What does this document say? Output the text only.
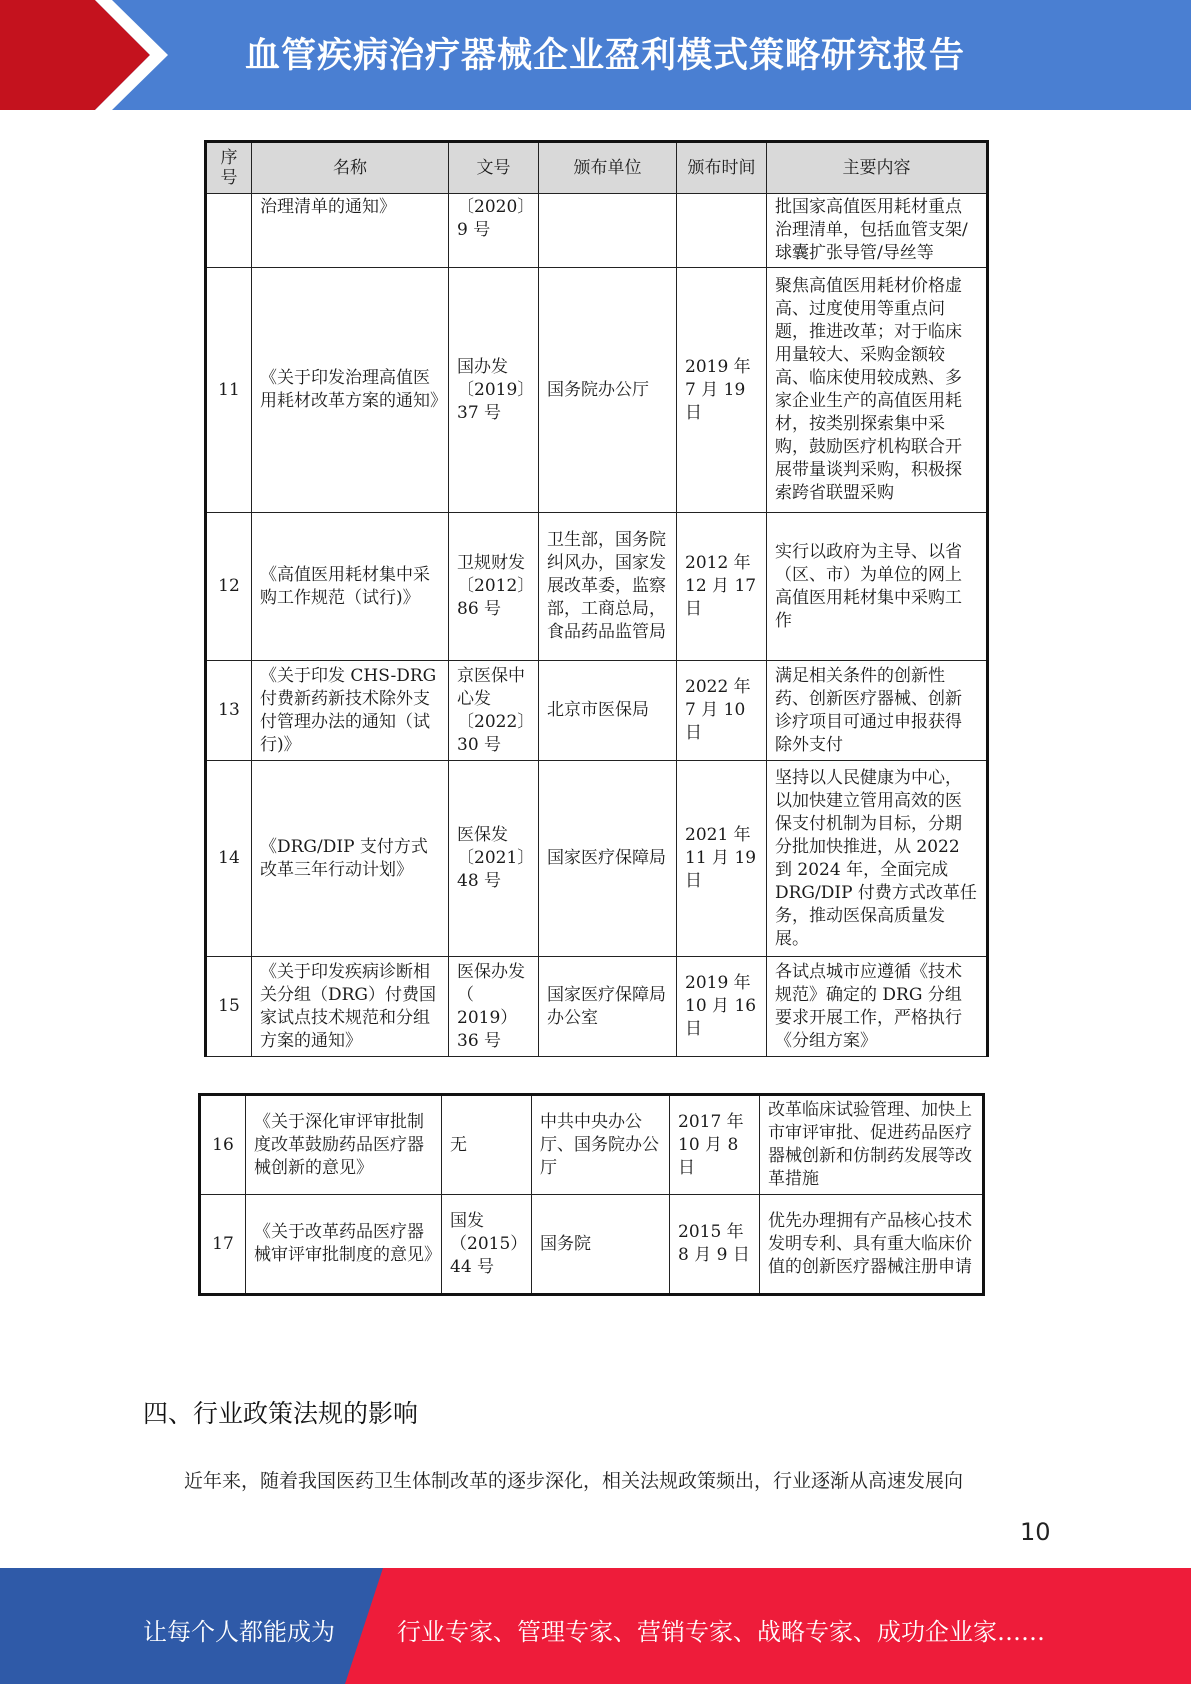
血管疾病治疗器械企业盈利模式策略研究报告
序号	名称	文号	颁布单位	颁布时间	主要内容
	治理清单的通知》	〔2020〕9 号			批国家高值医用耗材重点治理清单，包括血管支架/球囊扩张导管/导丝等
11	《关于印发治理高值医用耗材改革方案的通知》	国办发〔2019〕37 号	国务院办公厅	2019 年 7 月 19 日	聚焦高值医用耗材价格虚高、过度使用等重点问题，推进改革；对于临床用量较大、采购金额较高、临床使用较成熟、多家企业生产的高值医用耗材，按类别探索集中采购，鼓励医疗机构联合开展带量谈判采购，积极探索跨省联盟采购
12	《高值医用耗材集中采购工作规范（试行)》	卫规财发〔2012〕86 号	卫生部，国务院纠风办，国家发展改革委，监察部，工商总局，食品药品监管局	2012 年 12 月 17 日	实行以政府为主导、以省（区、市）为单位的网上高值医用耗材集中采购工作
13	《关于印发 CHS-DRG 付费新药新技术除外支付管理办法的通知（试行)》	京医保中心发〔2022〕30 号	北京市医保局	2022 年 7 月 10 日	满足相关条件的创新性药、创新医疗器械、创新诊疗项目可通过申报获得除外支付
14	《DRG/DIP 支付方式改革三年行动计划》	医保发〔2021〕48 号	国家医疗保障局	2021 年 11 月 19 日	坚持以人民健康为中心，以加快建立管用高效的医保支付机制为目标，分期分批加快推进，从 2022 到 2024 年，全面完成 DRG/DIP 付费方式改革任务，推动医保高质量发展。
15	《关于印发疾病诊断相关分组（DRG）付费国家试点技术规范和分组方案的通知》	医保办发（ 2019）36 号	国家医疗保障局办公室	2019 年 10 月 16 日	各试点城市应遵循《技术规范》确定的 DRG 分组要求开展工作，严格执行《分组方案》
16	《关于深化审评审批制度改革鼓励药品医疗器械创新的意见》	无	中共中央办公厅、国务院办公厅	2017 年 10 月 8 日	改革临床试验管理、加快上市审评审批、促进药品医疗器械创新和仿制药发展等改革措施
17	《关于改革药品医疗器械审评审批制度的意见》	国发（2015）44 号	国务院	2015 年 8 月 9 日	优先办理拥有产品核心技术发明专利、具有重大临床价值的创新医疗器械注册申请
四、行业政策法规的影响
近年来，随着我国医药卫生体制改革的逐步深化，相关法规政策频出，行业逐渐从高速发展向
10
让每个人都能成为	行业专家、管理专家、营销专家、战略专家、成功企业家……
